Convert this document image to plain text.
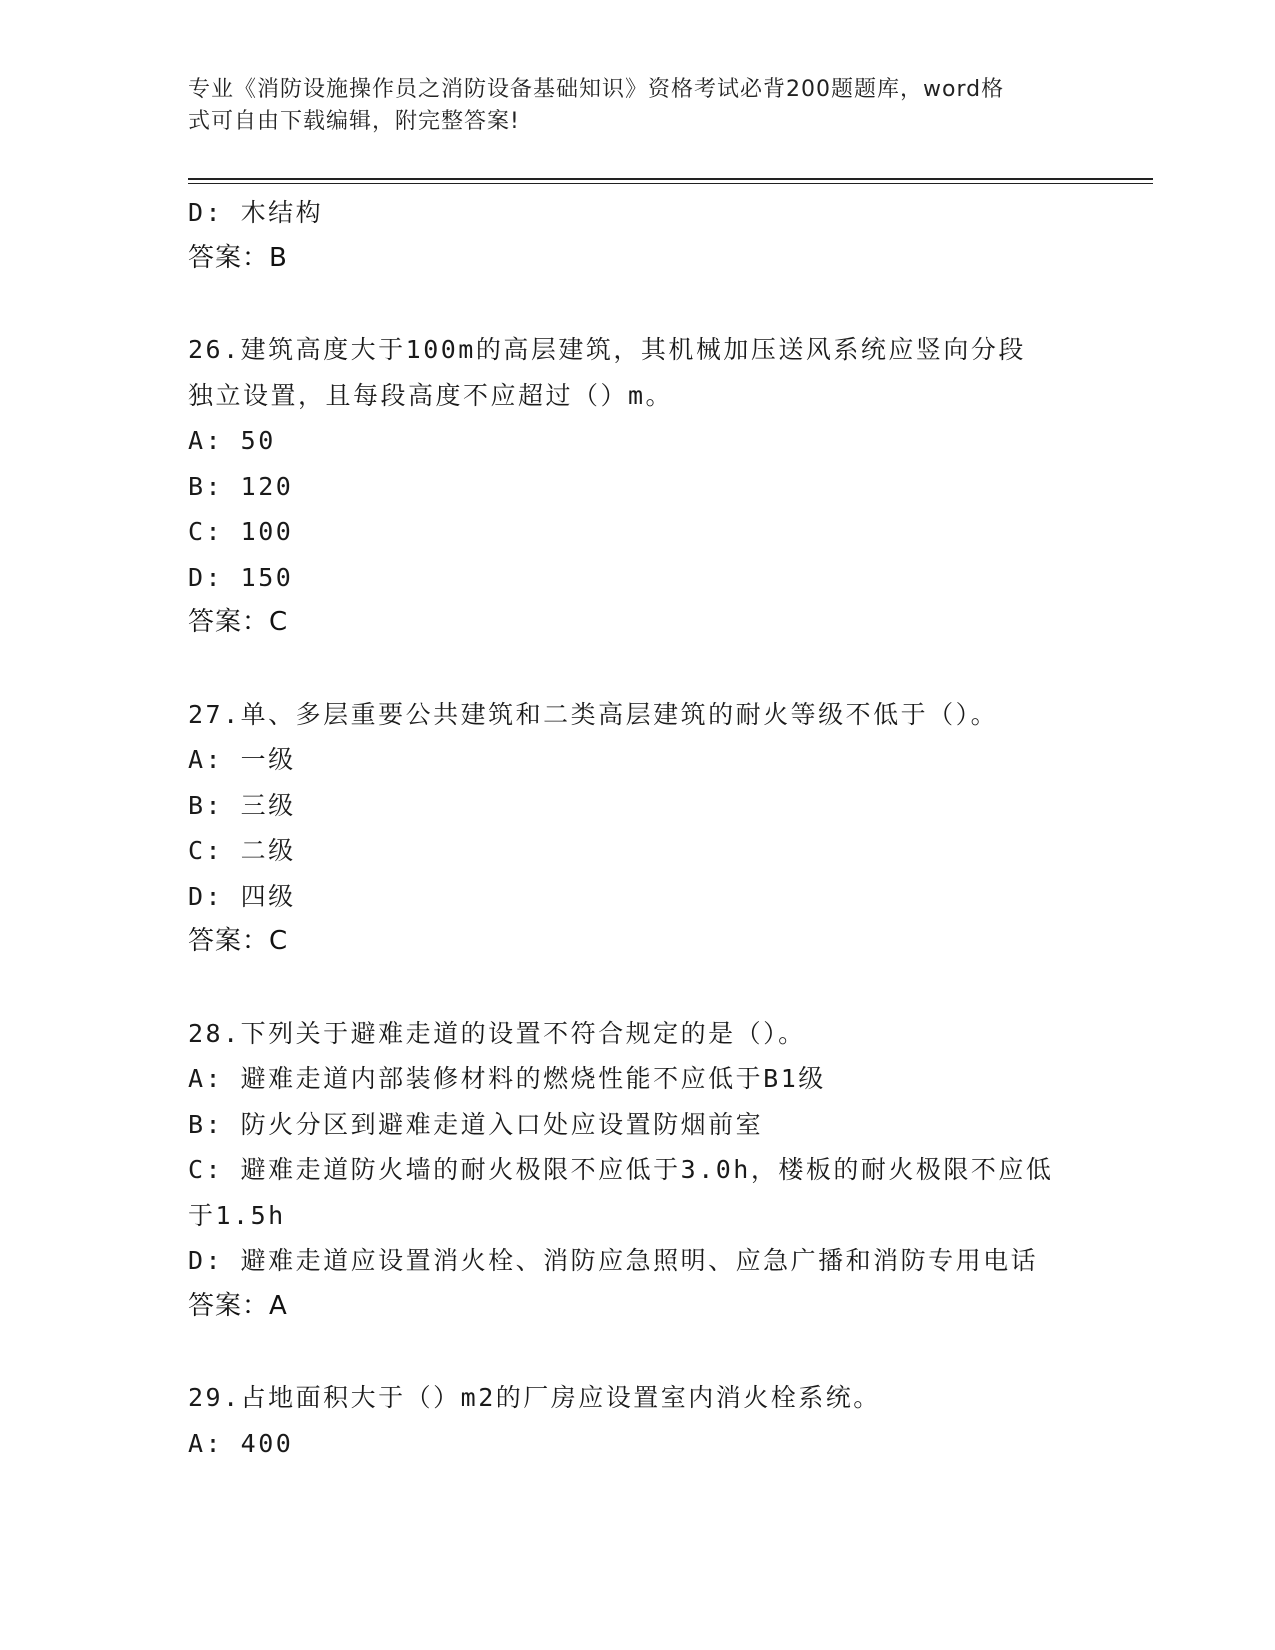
专业《消防设施操作员之消防设备基础知识》资格考试必背200题题库，word格
式可自由下载编辑，附完整答案!
D: 木结构
答案：B
26.建筑高度大于100m的高层建筑，其机械加压送风系统应竖向分段
独立设置，且每段高度不应超过（）m。
A: 50
B: 120
C: 100
D: 150
答案：C
27.单、多层重要公共建筑和二类高层建筑的耐火等级不低于（）。
A: 一级
B: 三级
C: 二级
D: 四级
答案：C
28.下列关于避难走道的设置不符合规定的是（）。
A: 避难走道内部装修材料的燃烧性能不应低于B1级
B: 防火分区到避难走道入口处应设置防烟前室
C: 避难走道防火墙的耐火极限不应低于3.0h，楼板的耐火极限不应低
于1.5h
D: 避难走道应设置消火栓、消防应急照明、应急广播和消防专用电话
答案：A
29.占地面积大于（）m2的厂房应设置室内消火栓系统。
A: 400
